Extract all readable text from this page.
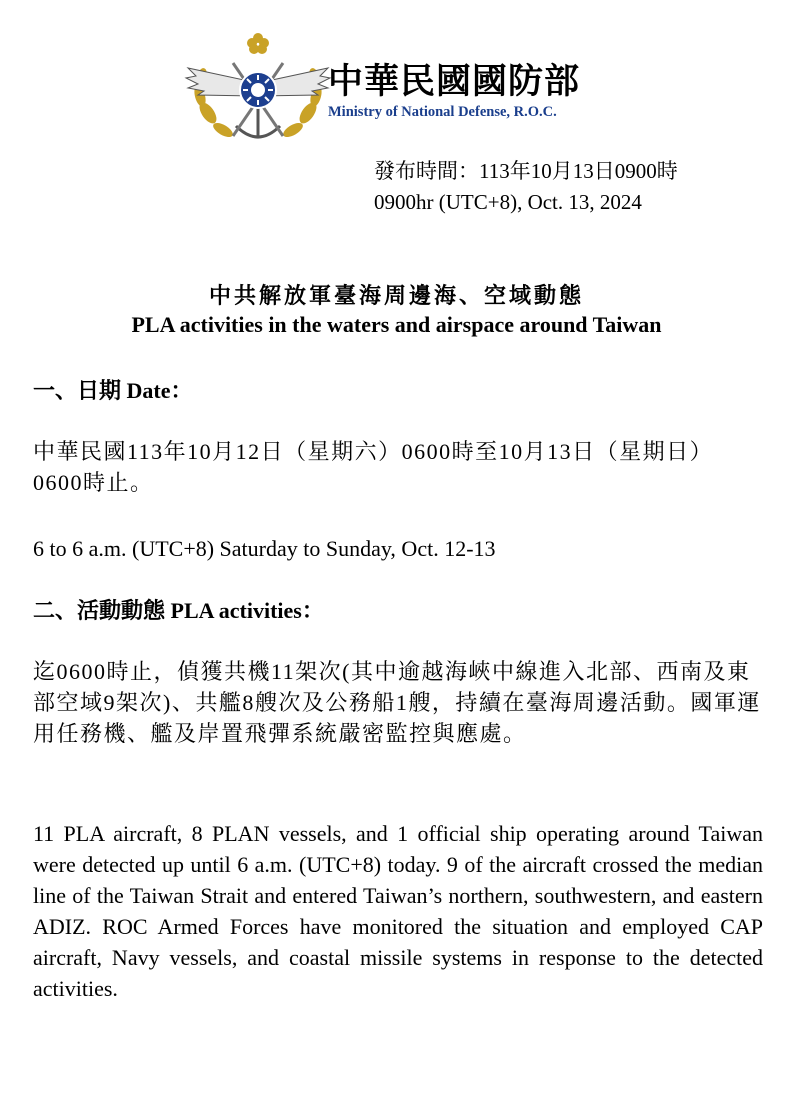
中華民國國防部
Ministry of National Defense, R.O.C.
發布時間：113年10月13日0900時
0900hr (UTC+8), Oct. 13, 2024
中共解放軍臺海周邊海、空域動態
PLA activities in the waters and airspace around Taiwan
一、日期 Date：
中華民國113年10月12日（星期六）0600時至10月13日（星期日）0600時止。
6 to 6 a.m. (UTC+8) Saturday to Sunday, Oct. 12-13
二、活動動態 PLA activities：
迄0600時止，偵獲共機11架次(其中逾越海峽中線進入北部、西南及東部空域9架次)、共艦8艘次及公務船1艘，持續在臺海周邊活動。國軍運用任務機、艦及岸置飛彈系統嚴密監控與應處。
11 PLA aircraft, 8 PLAN vessels, and 1 official ship operating around Taiwan were detected up until 6 a.m. (UTC+8) today. 9 of the aircraft crossed the median line of the Taiwan Strait and entered Taiwan’s northern, southwestern, and eastern ADIZ. ROC Armed Forces have monitored the situation and employed CAP aircraft, Navy vessels, and coastal missile systems in response to the detected activities.
